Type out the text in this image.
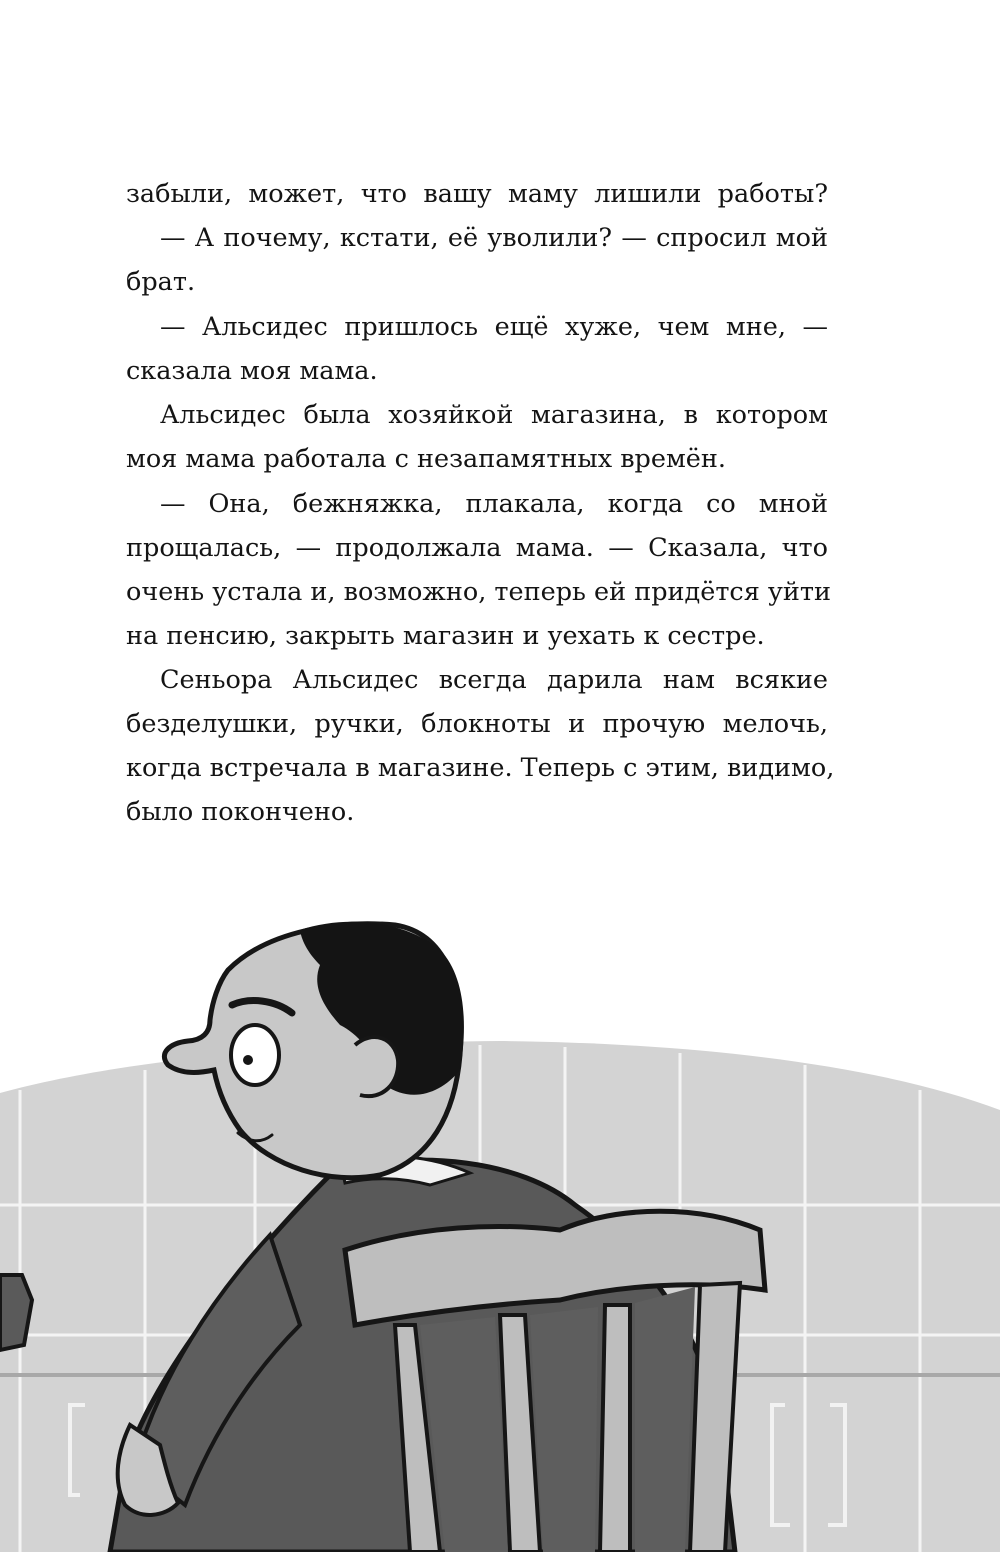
забыли, может, что вашу маму лишили работы?
— А почему, кстати, её уволили? — спросил мой
брат.
— Альсидес пришлось ещё хуже, чем мне, —
сказала моя мама.
Альсидес была хозяйкой магазина, в котором
моя мама работала с незапамятных времён.
— Она, бежняжка, плакала, когда со мной
прощалась, — продолжала мама. — Сказала, что
очень устала и, возможно, теперь ей придётся уйти
на пенсию, закрыть магазин и уехать к сестре.
Сеньора Альсидес всегда дарила нам всякие
безделушки, ручки, блокноты и прочую мелочь,
когда встречала в магазине. Теперь с этим, видимо,
было покончено.
